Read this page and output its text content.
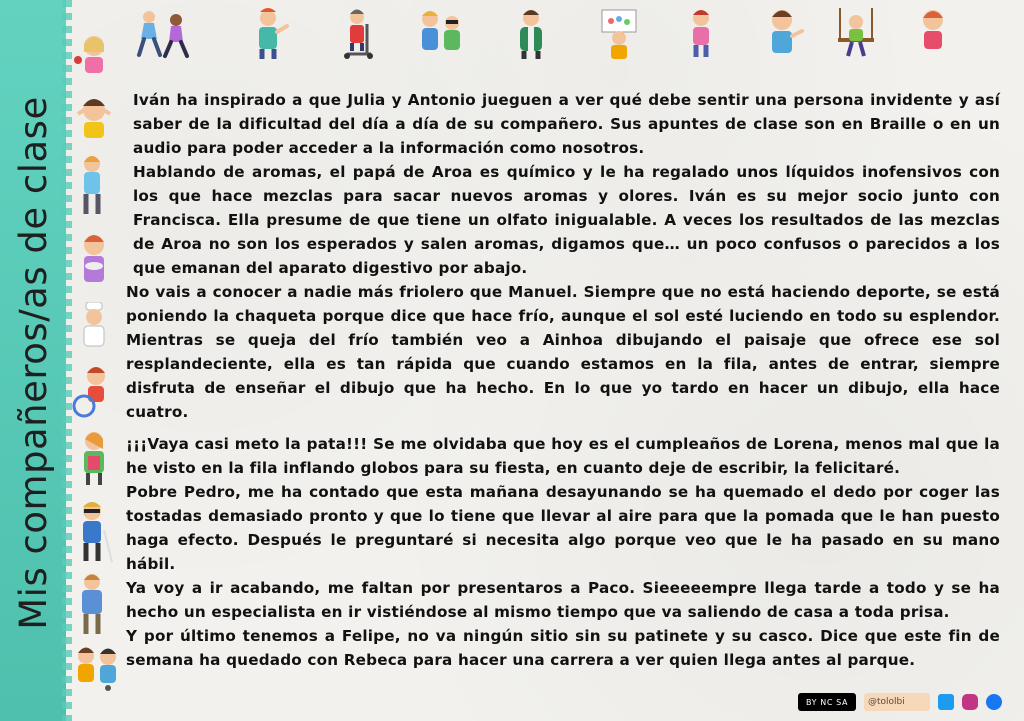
Mis compañeros/as de clase	Iván ha inspirado a que Julia y Antonio jueguen a ver qué debe sentir una persona invidente y así saber de la dificultad del día a día de su compañero. Sus apuntes de clase son en Braille o en un audio para poder acceder a la información como nosotros.

Hablando de aromas, el papá de Aroa es químico y le ha regalado unos líquidos inofensivos con los que hace mezclas para sacar nuevos aromas y olores. Iván es su mejor socio junto con Francisca. Ella presume de que tiene un olfato inigualable. A veces los resultados de las mezclas de Aroa no son los esperados y salen aromas, digamos que… un poco confusos o parecidos a los que emanan del aparato digestivo por abajo.

No vais a conocer a nadie más friolero que Manuel. Siempre que no está haciendo deporte, se está poniendo la chaqueta porque dice que hace frío, aunque el sol esté luciendo en todo su esplendor. Mientras se queja del frío también veo a Ainhoa dibujando el paisaje que ofrece ese sol resplandeciente, ella es tan rápida que cuando estamos en la fila, antes de entrar, siempre disfruta de enseñar el dibujo que ha hecho. En lo que yo tardo en hacer un dibujo, ella hace cuatro.

¡¡¡Vaya casi meto la pata!!! Se me olvidaba que hoy es el cumpleaños de Lorena, menos mal que la he visto en la fila inflando globos para su fiesta, en cuanto deje de escribir, la felicitaré.

Pobre Pedro, me ha contado que esta mañana desayunando se ha quemado el dedo por coger las tostadas demasiado pronto y que lo tiene que llevar al aire para que la pomada que le han puesto haga efecto. Después le preguntaré si necesita algo porque veo que le ha pasado en su mano hábil.

Ya voy a ir acabando, me faltan por presentaros a Paco. Sieeeeempre llega tarde a todo y se ha hecho un especialista en ir vistiéndose al mismo tiempo que va saliendo de casa a toda prisa.

Y por último tenemos a Felipe, no va ningún sitio sin su patinete y su casco. Dice que este fin de semana ha quedado con Rebeca para hacer una carrera a ver quien llega antes al parque.

BY NC SA @tololbi
